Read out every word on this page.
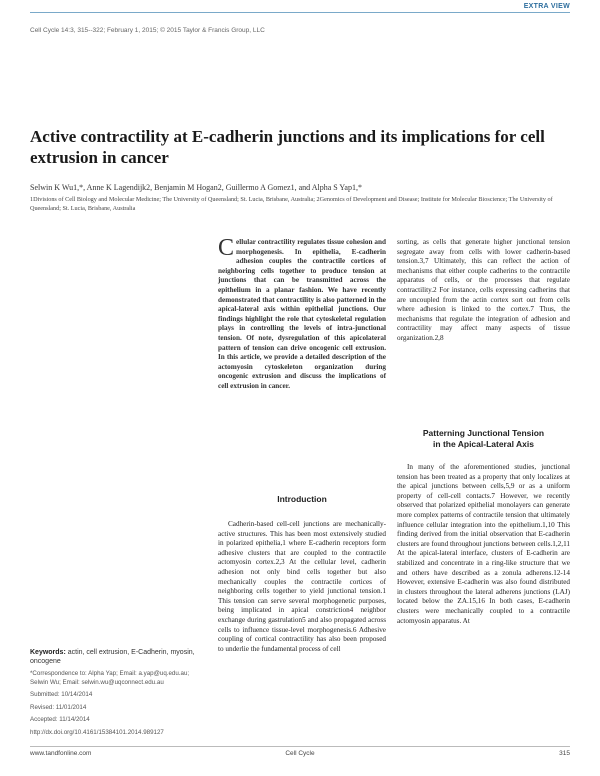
EXTRA VIEW
Cell Cycle 14:3, 315--322; February 1, 2015; © 2015 Taylor & Francis Group, LLC
Active contractility at E-cadherin junctions and its implications for cell extrusion in cancer
Selwin K Wu1,*, Anne K Lagendijk2, Benjamin M Hogan2, Guillermo A Gomez1, and Alpha S Yap1,*
1Divisions of Cell Biology and Molecular Medicine; The University of Queensland; St. Lucia, Brisbane, Australia; 2Genomics of Development and Disease; Institute for Molecular Bioscience; The University of Queensland; St. Lucia, Brisbane, Australia
Cellular contractility regulates tissue cohesion and morphogenesis. In epithelia, E-cadherin adhesion couples the contractile cortices of neighboring cells together to produce tension at junctions that can be transmitted across the epithelium in a planar fashion. We have recently demonstrated that contractility is also patterned in the apical-lateral axis within epithelial junctions. Our findings highlight the role that cytoskeletal regulation plays in controlling the levels of intra-junctional tension. Of note, dysregulation of this apicolateral pattern of tension can drive oncogenic cell extrusion. In this article, we provide a detailed description of the actomyosin cytoskeleton organization during oncogenic extrusion and discuss the implications of cell extrusion in cancer.
Introduction

Cadherin-based cell-cell junctions are mechanically-active structures. This has been most extensively studied in polarized epithelia,1 where E-cadherin receptors form adhesive clusters that are coupled to the contractile actomyosin cortex.2,3 At the cellular level, cadherin adhesion not only bind cells together but also mechanically couples the contractile cortices of neighboring cells together to yield junctional tension.1 This tension can serve several morphogenetic purposes, being implicated in apical constriction4 neighbor exchange during gastrulation5 and also propagated across cells to influence tissue-level morphogenesis.6 Adhesive coupling of cortical contractility has also been proposed to underlie the fundamental process of cell

sorting, as cells that generate higher junctional tension segregate away from cells with lower cadherin-based tension.3,7 Ultimately, this can reflect the action of mechanisms that either couple cadherins to the contractile apparatus of cells, or the processes that regulate contractility.2 For instance, cells expressing cadherins that are uncoupled from the actin cortex sort out from cells where adhesion is linked to the cortex.7 Thus, the mechanisms that regulate the integration of adhesion and contractility may affect many aspects of tissue organization.2,8

Patterning Junctional Tension
in the Apical-Lateral Axis

In many of the aforementioned studies, junctional tension has been treated as a property that only localizes at the apical junctions between cells,5,9 or as a uniform property of cell-cell contacts.7 However, we recently observed that polarized epithelial monolayers can generate more complex patterns of contractile tension that ultimately influence cellular integration into the epithelium.1,10 This finding derived from the initial observation that E-cadherin clusters are found throughout junctions between cells.1,2,11 At the apical-lateral interface, clusters of E-cadherin are stabilized and concentrate in a ring-like structure that we and others have described as a zonula adherens.12-14 However, extensive E-cadherin was also found distributed in clusters throughout the lateral adherens junctions (LAJ) located below the ZA.15,16 In both cases, E-cadherin clusters were mechanically coupled to a contractile actomyosin apparatus. At

Keywords: actin, cell extrusion, E-Cadherin, myosin, oncogene
*Correspondence to: Alpha Yap; Email: a.yap@uq.edu.au; Selwin Wu; Email: selwin.wu@uqconnect.edu.au
Submitted: 10/14/2014
Revised: 11/01/2014
Accepted: 11/14/2014
http://dx.doi.org/10.4161/15384101.2014.989127
www.tandfonline.com	Cell Cycle	315
